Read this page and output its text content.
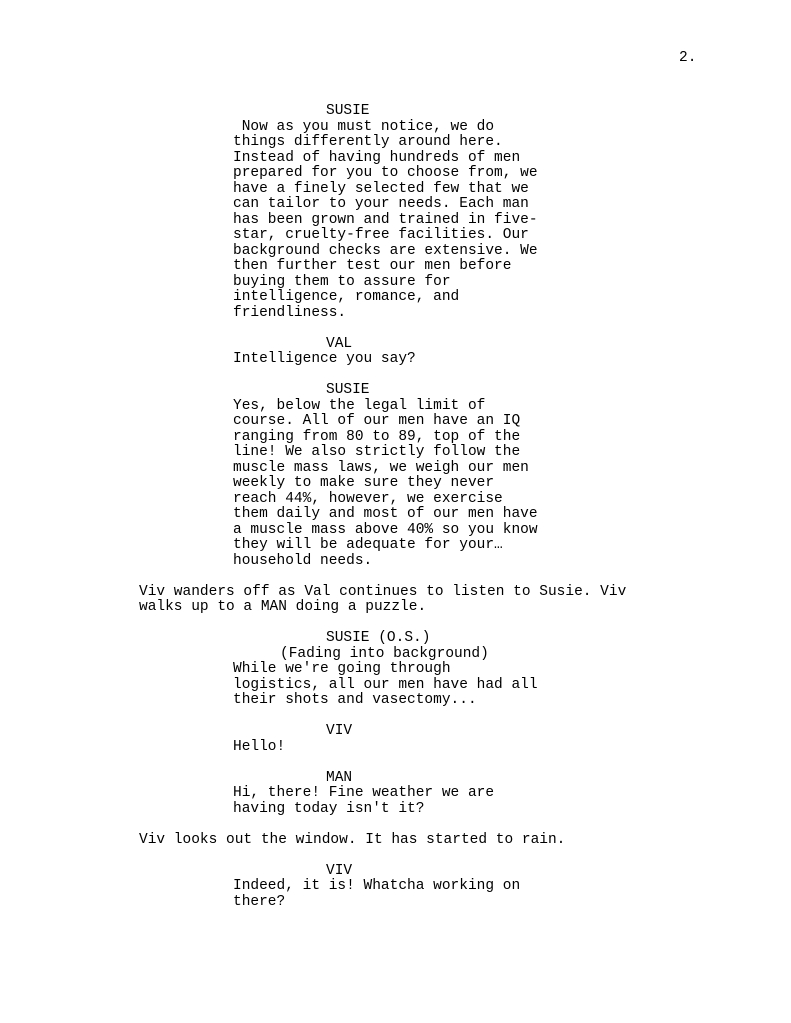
2.
SUSIE
Now as you must notice, we do
things differently around here.
Instead of having hundreds of men
prepared for you to choose from, we
have a finely selected few that we
can tailor to your needs. Each man
has been grown and trained in five-
star, cruelty-free facilities. Our
background checks are extensive. We
then further test our men before
buying them to assure for
intelligence, romance, and
friendliness.
VAL
Intelligence you say?
SUSIE
Yes, below the legal limit of
course. All of our men have an IQ
ranging from 80 to 89, top of the
line! We also strictly follow the
muscle mass laws, we weigh our men
weekly to make sure they never
reach 44%, however, we exercise
them daily and most of our men have
a muscle mass above 40% so you know
they will be adequate for your…
household needs.
Viv wanders off as Val continues to listen to Susie. Viv
walks up to a MAN doing a puzzle.
SUSIE (O.S.)
(Fading into background)
While we're going through
logistics, all our men have had all
their shots and vasectomy...
VIV
Hello!
MAN
Hi, there! Fine weather we are
having today isn't it?
Viv looks out the window. It has started to rain.
VIV
Indeed, it is! Whatcha working on
there?
